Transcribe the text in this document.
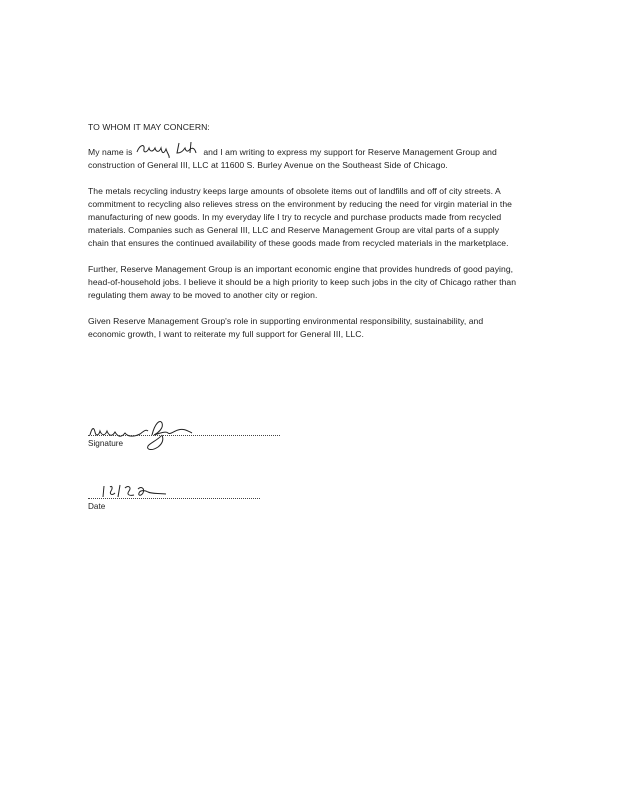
TO WHOM IT MAY CONCERN:
My name is	and I am writing to express my support for Reserve Management Group and construction of General III, LLC at 11600 S. Burley Avenue on the Southeast Side of Chicago.
The metals recycling industry keeps large amounts of obsolete items out of landfills and off of city streets. A commitment to recycling also relieves stress on the environment by reducing the need for virgin material in the manufacturing of new goods. In my everyday life I try to recycle and purchase products made from recycled materials. Companies such as General III, LLC and Reserve Management Group are vital parts of a supply chain that ensures the continued availability of these goods made from recycled materials in the marketplace.
Further, Reserve Management Group is an important economic engine that provides hundreds of good paying, head-of-household jobs. I believe it should be a high priority to keep such jobs in the city of Chicago rather than regulating them away to be moved to another city or region.
Given Reserve Management Group's role in supporting environmental responsibility, sustainability, and economic growth, I want to reiterate my full support for General III, LLC.
Signature
Date
